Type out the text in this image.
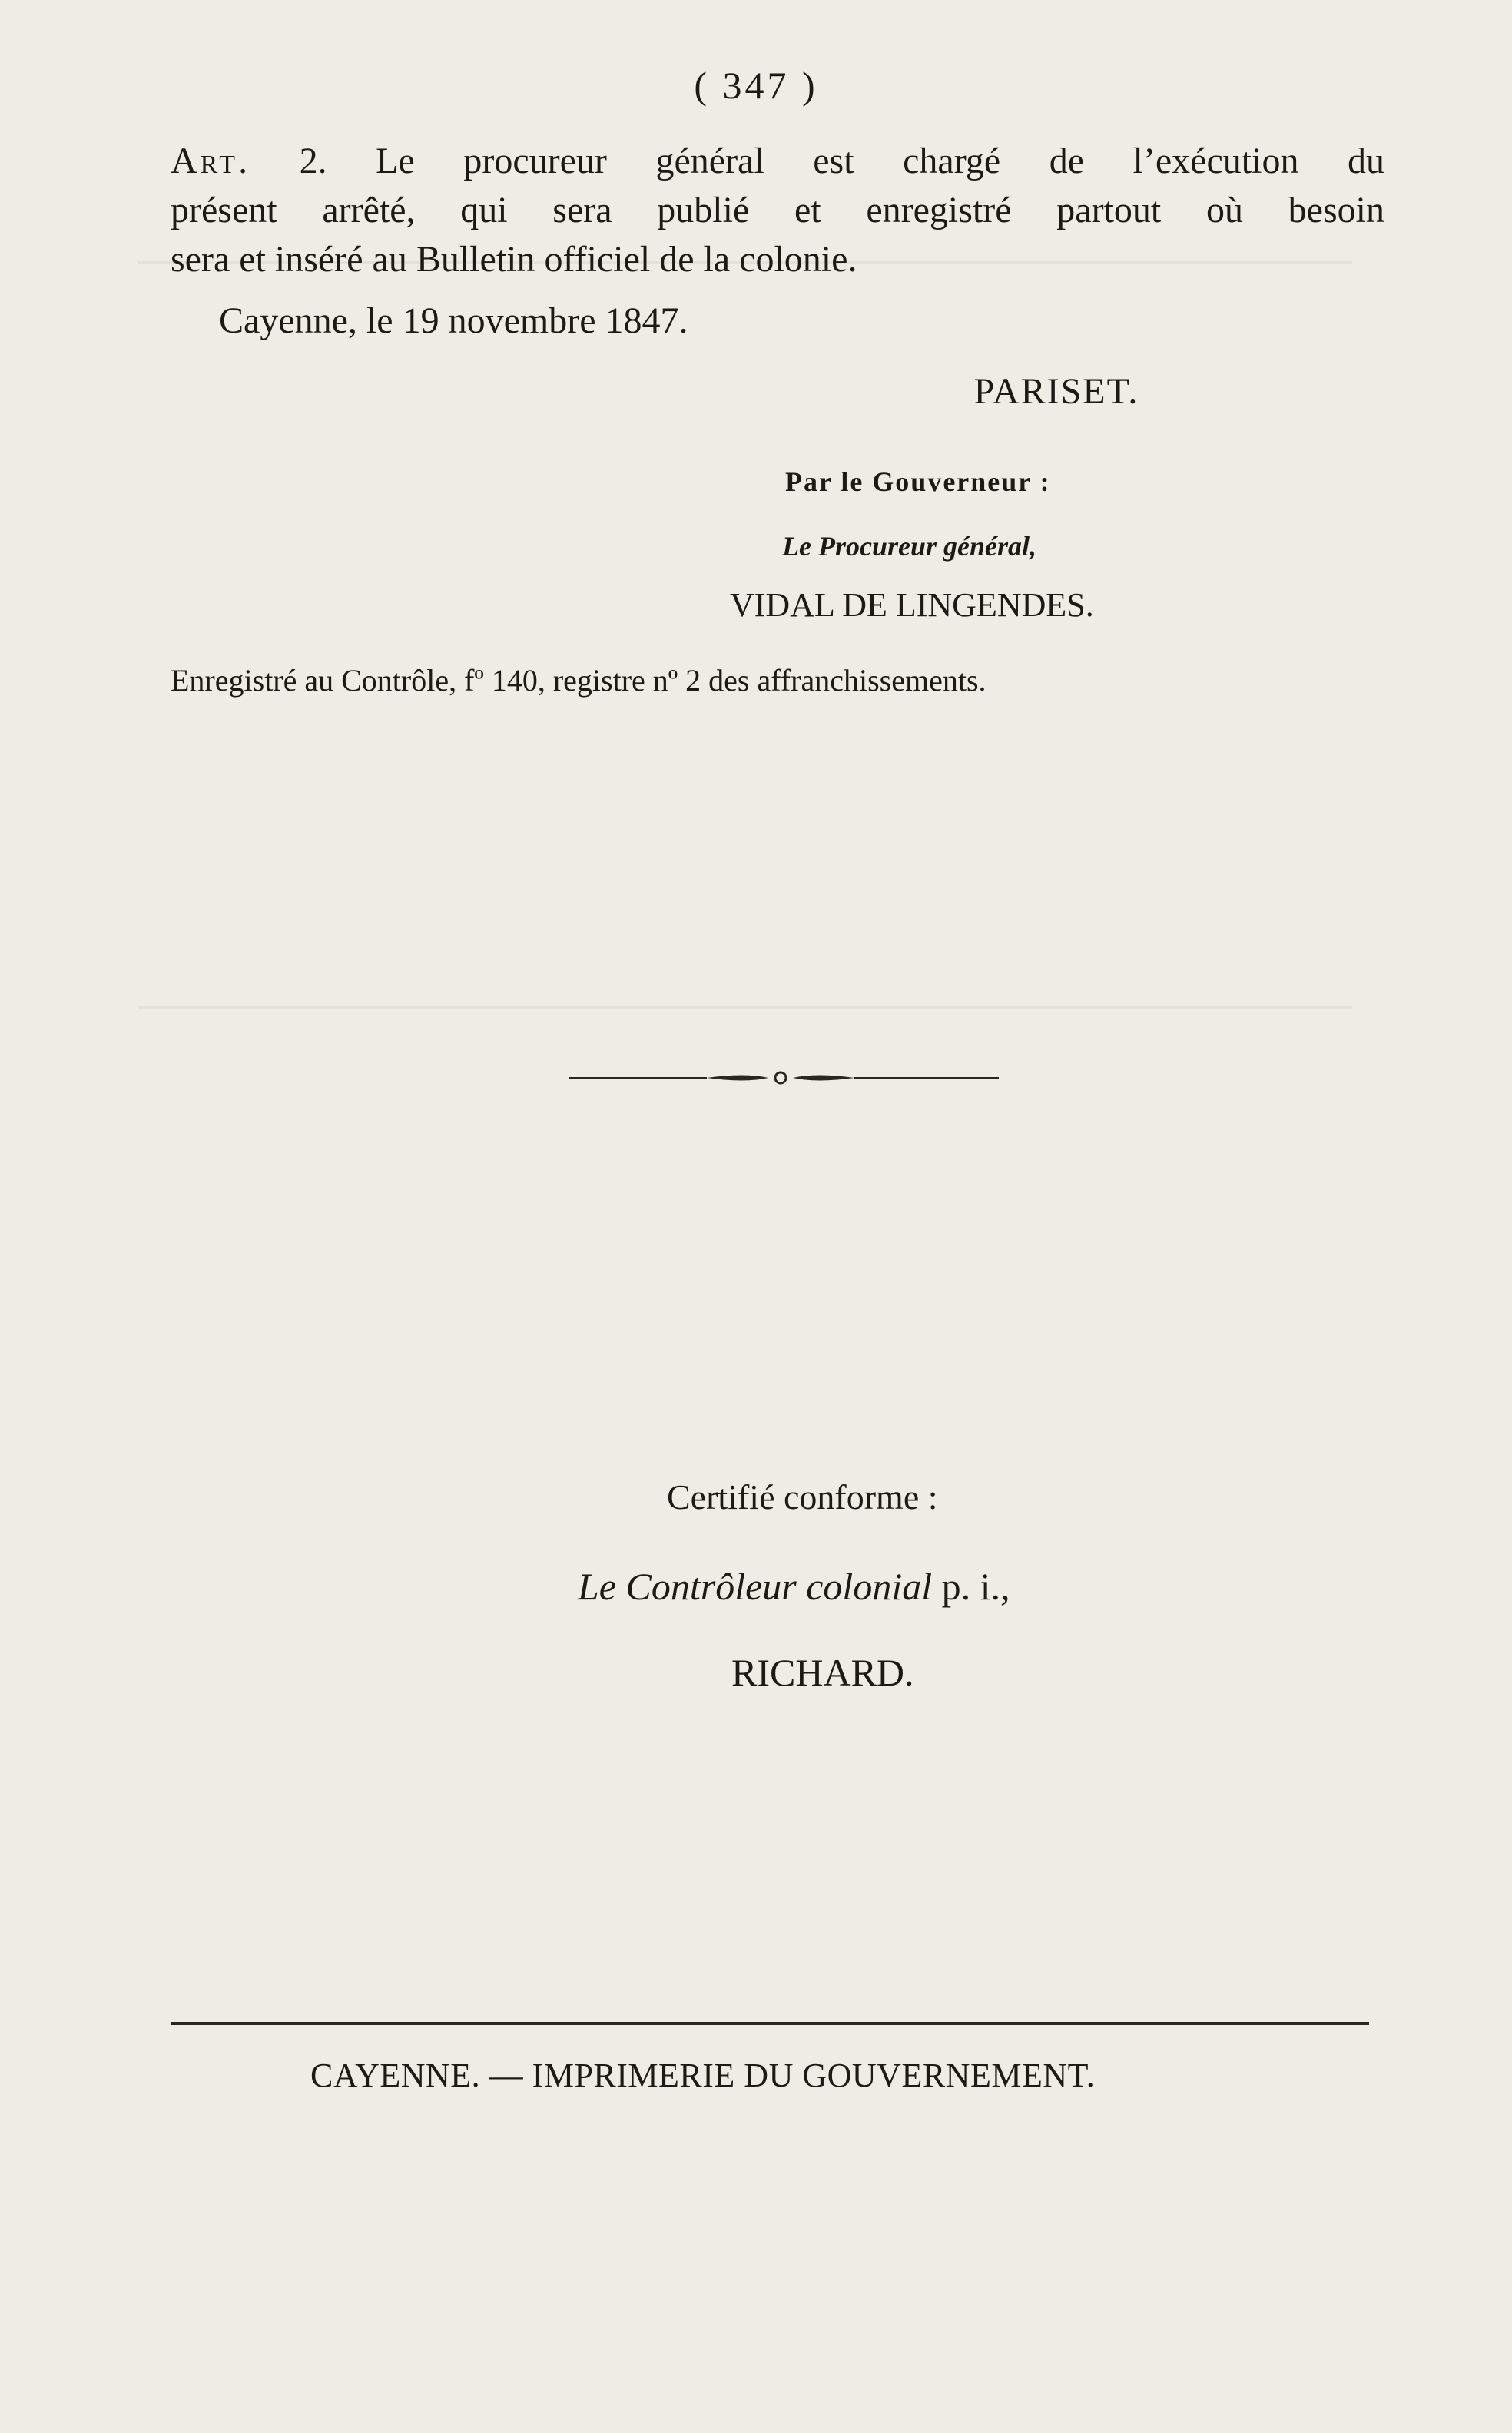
( 347 )
Art. 2. Le procureur général est chargé de l’exécution du
présent arrêté, qui sera publié et enregistré partout où besoin
sera et inséré au Bulletin officiel de la colonie.
Cayenne, le 19 novembre 1847.
PARISET.
Par le Gouverneur :
Le Procureur général,
VIDAL DE LINGENDES.
Enregistré au Contrôle, fº 140, registre nº 2 des affranchissements.
Certifié conforme :
Le Contrôleur colonial p. i.,
RICHARD.
CAYENNE. — IMPRIMERIE DU GOUVERNEMENT.
